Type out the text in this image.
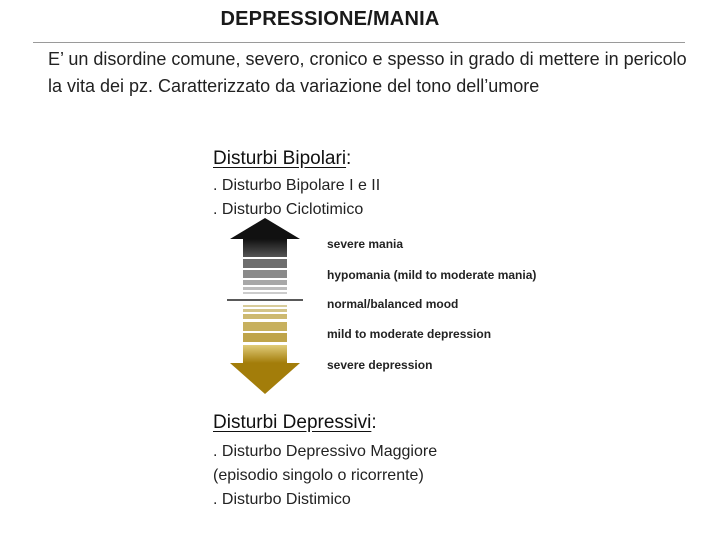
DEPRESSIONE/MANIA
E’ un disordine comune, severo, cronico e spesso in grado di mettere in pericolo la vita dei pz. Caratterizzato da variazione del tono dell’umore
Disturbi Bipolari:
. Disturbo Bipolare I e II
. Disturbo Ciclotimico
severe mania
hypomania (mild to moderate mania)
normal/balanced mood
mild to moderate depression
severe depression
Disturbi Depressivi:
. Disturbo Depressivo Maggiore
(episodio singolo o ricorrente)
. Disturbo Distimico
